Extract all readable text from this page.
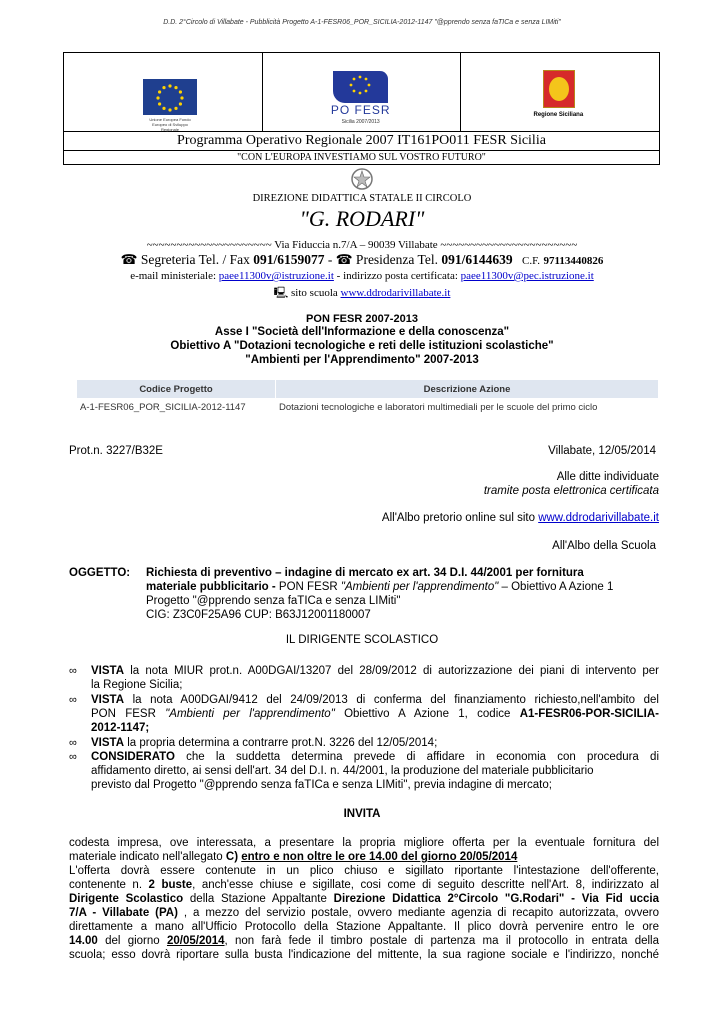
D.D. 2°Circolo di Villabate - Pubblicità Progetto A-1-FESR06_POR_SICILIA-2012-1147 "@pprendo senza faTICa e senza LIMiti"
Unione Europea Fondo Europeo di Sviluppo Regionale
PO FESR
Sicilia 2007/2013
Regione Siciliana
Programma Operativo Regionale 2007 IT161PO011 FESR Sicilia
"CON L'EUROPA INVESTIAMO SUL VOSTRO FUTURO"
DIREZIONE DIDATTICA STATALE II CIRCOLO
"G. RODARI"
~~~~~~~~~~~~~~~~~~~~~ Via Fiduccia n.7/A – 90039 Villabate ~~~~~~~~~~~~~~~~~~~~~~~
☎ Segreteria Tel. / Fax 091/6159077 - ☎ Presidenza Tel. 091/6144639 C.F. 97113440826
e-mail ministeriale: paee11300v@istruzione.it - indirizzo posta certificata: paee11300v@pec.istruzione.it
🖳 sito scuola www.ddrodarivillabate.it
PON FESR 2007-2013
Asse I "Società dell'Informazione e della conoscenza"
Obiettivo A "Dotazioni tecnologiche e reti delle istituzioni scolastiche"
"Ambienti per l'Apprendimento" 2007-2013
Codice Progetto	Descrizione Azione
A-1-FESR06_POR_SICILIA-2012-1147	Dotazioni tecnologiche e laboratori multimediali per le scuole del primo ciclo
Prot.n. 3227/B32E	Villabate, 12/05/2014
Alle ditte individuate
tramite posta elettronica certificata
All'Albo pretorio online sul sito www.ddrodarivillabate.it
All'Albo della Scuola
OGGETTO: Richiesta di preventivo – indagine di mercato ex art. 34 D.I. 44/2001 per fornitura
materiale pubblicitario - PON FESR "Ambienti per l'apprendimento" – Obiettivo A Azione 1
Progetto "@pprendo senza faTICa e senza LIMiti"
CIG: Z3C0F25A96 CUP: B63J12001180007
IL DIRIGENTE SCOLASTICO
∞ VISTA la nota MIUR prot.n. A00DGAI/13207 del 28/09/2012 di autorizzazione dei piani di intervento per
la Regione Sicilia;
∞ VISTA la nota A00DGAI/9412 del 24/09/2013 di conferma del finanziamento richiesto,nell'ambito del
PON FESR "Ambienti per l'apprendimento" Obiettivo A Azione 1, codice A1-FESR06-POR-SICILIA-
2012-1147;
∞ VISTA la propria determina a contrarre prot.N. 3226 del 12/05/2014;
∞ CONSIDERATO che la suddetta determina prevede di affidare in economia con procedura di
affidamento diretto, ai sensi dell'art. 34 del D.I. n. 44/2001, la produzione del materiale pubblicitario
previsto dal Progetto "@pprendo senza faTICa e senza LIMiti", previa indagine di mercato;
INVITA
codesta impresa, ove interessata, a presentare la propria migliore offerta per la eventuale fornitura del
materiale indicato nell'allegato C) entro e non oltre le ore 14.00 del giorno 20/05/2014
L'offerta dovrà essere contenute in un plico chiuso e sigillato riportante l'intestazione dell'offerente,
contenente n. 2 buste, anch'esse chiuse e sigillate, cosi come di seguito descritte nell'Art. 8, indirizzato al
Dirigente Scolastico della Stazione Appaltante Direzione Didattica 2°Circolo "G.Rodari" - Via Fid uccia
7/A - Villabate (PA) , a mezzo del servizio postale, ovvero mediante agenzia di recapito autorizzata, ovvero
direttamente a mano all'Ufficio Protocollo della Stazione Appaltante. Il plico dovrà pervenire entro le ore
14.00 del giorno 20/05/2014, non farà fede il timbro postale di partenza ma il protocollo in entrata della
scuola; esso dovrà riportare sulla busta l'indicazione del mittente, la sua ragione sociale e l'indirizzo, nonché
